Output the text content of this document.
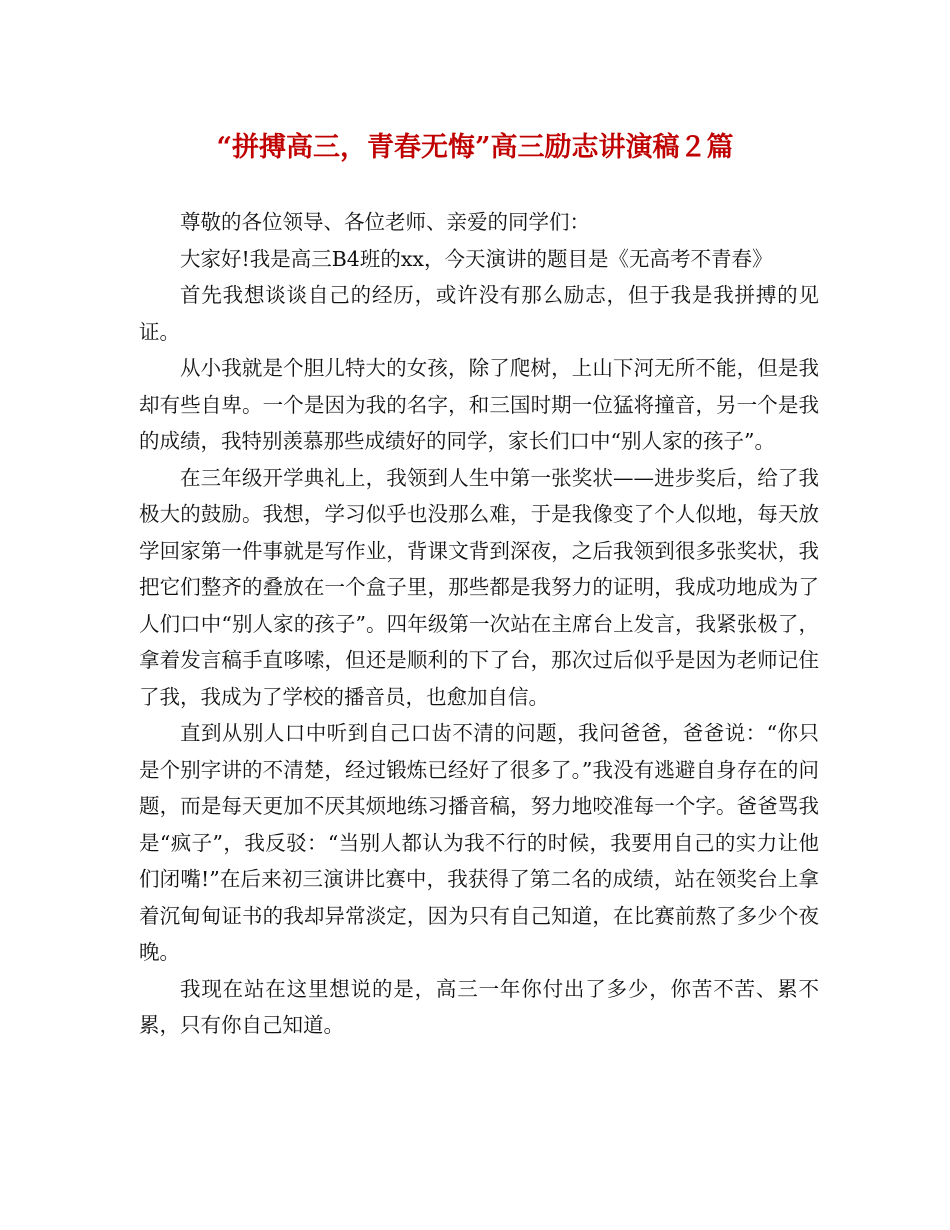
“拼搏高三，青春无悔”高三励志讲演稿２篇

尊敬的各位领导、各位老师、亲爱的同学们：

大家好!我是高三B4班的xx，今天演讲的题目是《无高考不青春》

首先我想谈谈自己的经历，或许没有那么励志，但于我是我拼搏的见证。

从小我就是个胆儿特大的女孩，除了爬树，上山下河无所不能，但是我却有些自卑。一个是因为我的名字，和三国时期一位猛将撞音，另一个是我的成绩，我特别羡慕那些成绩好的同学，家长们口中“别人家的孩子”。

在三年级开学典礼上，我领到人生中第一张奖状——进步奖后，给了我极大的鼓励。我想，学习似乎也没那么难，于是我像变了个人似地，每天放学回家第一件事就是写作业，背课文背到深夜，之后我领到很多张奖状，我把它们整齐的叠放在一个盒子里，那些都是我努力的证明，我成功地成为了人们口中“别人家的孩子”。四年级第一次站在主席台上发言，我紧张极了，拿着发言稿手直哆嗦，但还是顺利的下了台，那次过后似乎是因为老师记住了我，我成为了学校的播音员，也愈加自信。

直到从别人口中听到自己口齿不清的问题，我问爸爸，爸爸说：“你只是个别字讲的不清楚，经过锻炼已经好了很多了。”我没有逃避自身存在的问题，而是每天更加不厌其烦地练习播音稿，努力地咬准每一个字。爸爸骂我是“疯子”，我反驳：“当别人都认为我不行的时候，我要用自己的实力让他们闭嘴!”在后来初三演讲比赛中，我获得了第二名的成绩，站在领奖台上拿着沉甸甸证书的我却异常淡定，因为只有自己知道，在比赛前熬了多少个夜晚。

我现在站在这里想说的是，高三一年你付出了多少，你苦不苦、累不累，只有你自己知道。
